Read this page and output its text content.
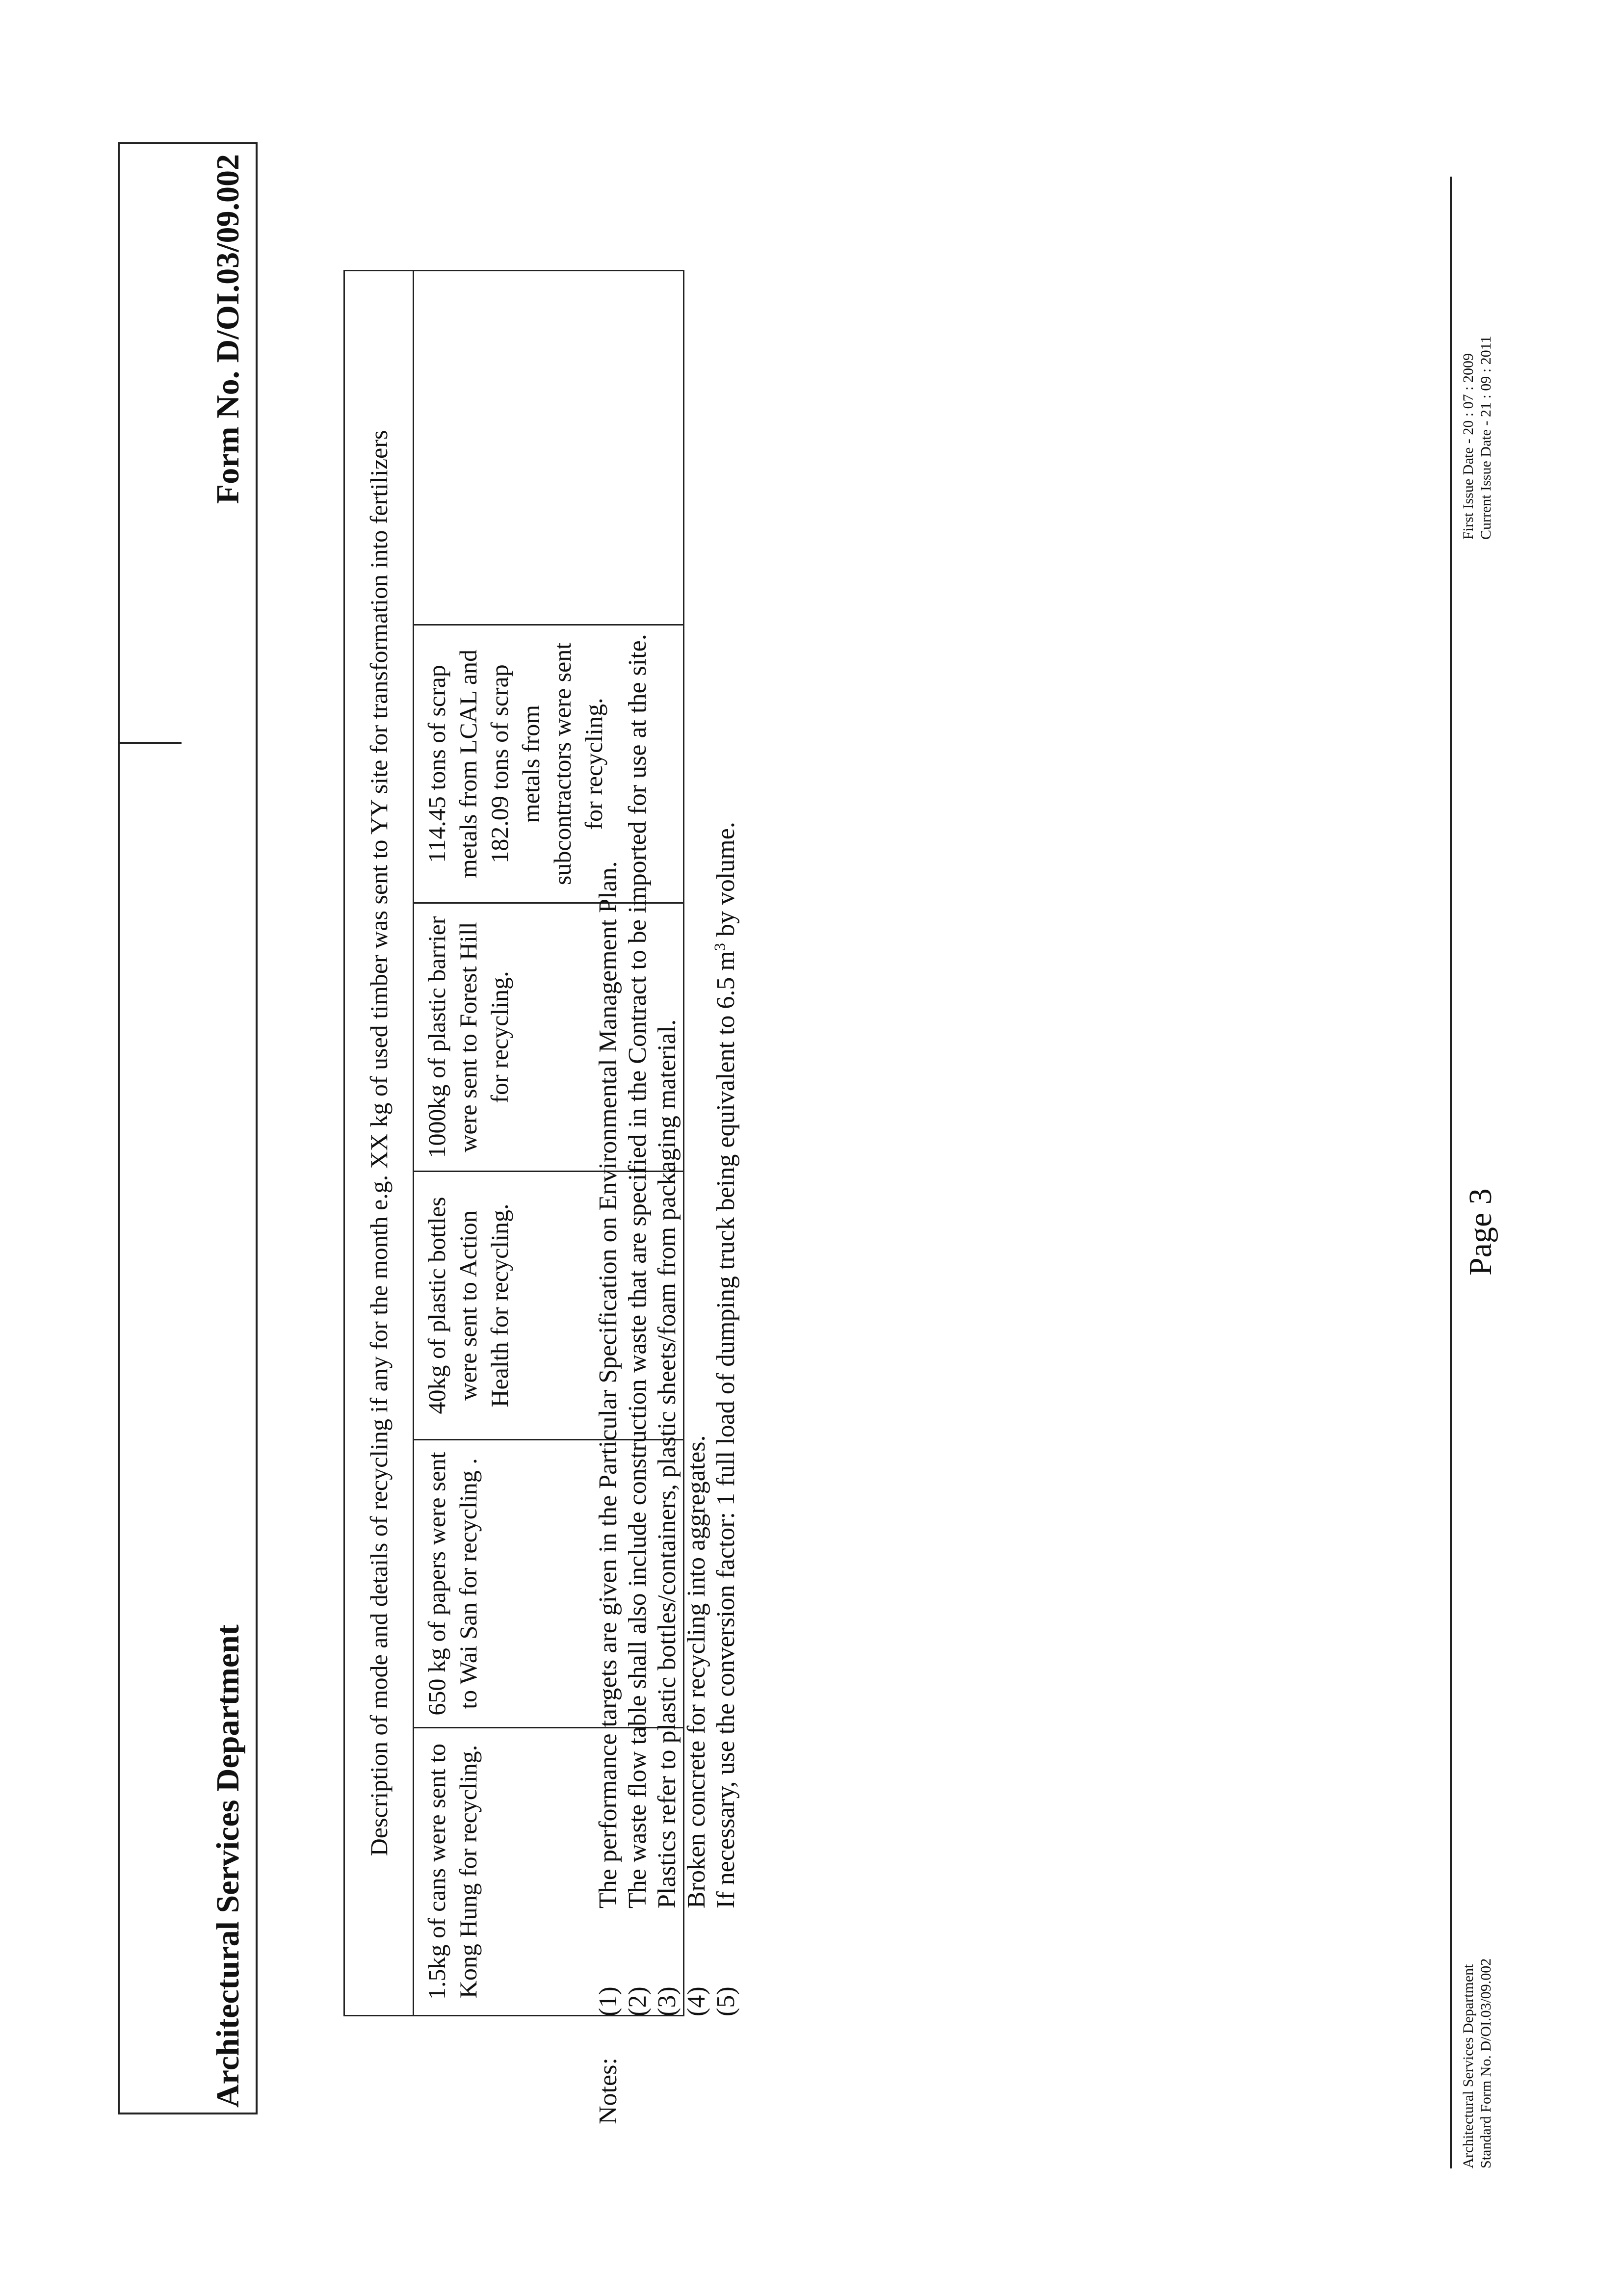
Architectural Services Department
Form No. D/OI.03/09.002
Description of mode and details of recycling if any for the month e.g. XX kg of used timber was sent to YY site for transformation into fertilizers
1.5kg of cans were sent to Kong Hung for recycling.	650 kg of papers were sent to Wai San for recycling .	40kg of plastic bottles were sent to Action Health for recycling.	1000kg of plastic barrier were sent to Forest Hill for recycling.	114.45 tons of scrap metals from LCAL and 182.09 tons of scrap metals from subcontractors were sent for recycling.	
Notes:
(1)
The performance targets are given in the Particular Specification on Environmental Management Plan.
(2)
The waste flow table shall also include construction waste that are specified in the Contract to be imported for use at the site.
(3)
Plastics refer to plastic bottles/containers, plastic sheets/foam from packaging material.
(4)
Broken concrete for recycling into aggregates.
(5)
If necessary, use the conversion factor: 1 full load of dumping truck being equivalent to 6.5 $m^3$ by volume.
Architectural Services Department Standard Form No. D/OI.03/09.002
Page 3
First Issue Date - 20 : 07 : 2009 Current Issue Date - 21 : 09 : 2011
